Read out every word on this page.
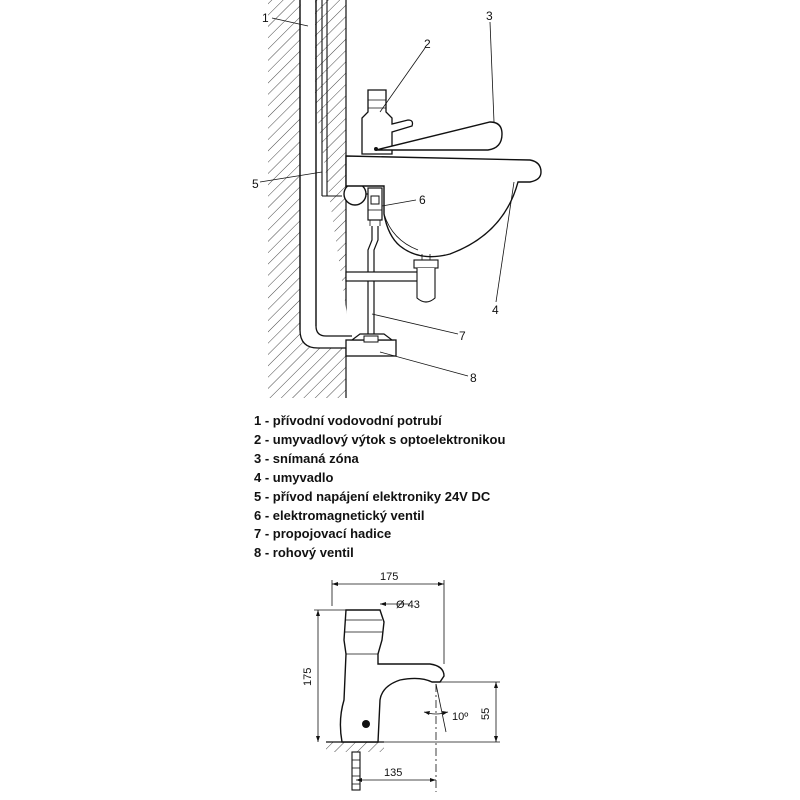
1
2
3
4
5
6
7
8
175
Ø 43
175
55
10º
135
1 - přívodní vodovodní potrubí
2 - umyvadlový výtok s optoelektronikou
3 - snímaná zóna
4 - umyvadlo
5 - přívod napájení elektroniky 24V DC
6 - elektromagnetický ventil
7 - propojovací hadice
8 - rohový ventil
